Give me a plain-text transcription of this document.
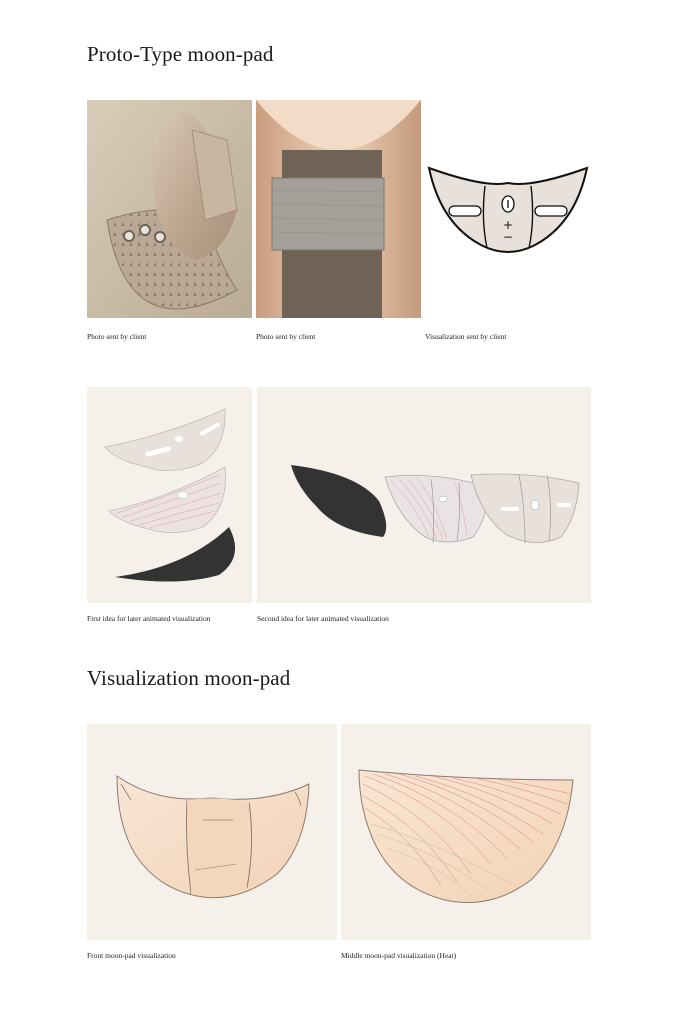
Proto-Type moon-pad
+
−

Photo sent by client	Photo sent by client	Visualization sent by client

First idea for later animated visualization	Second idea for later animated visualization

Visualization moon-pad

Front moon-pad visualization	Middle moon-pad visualization (Heat)
